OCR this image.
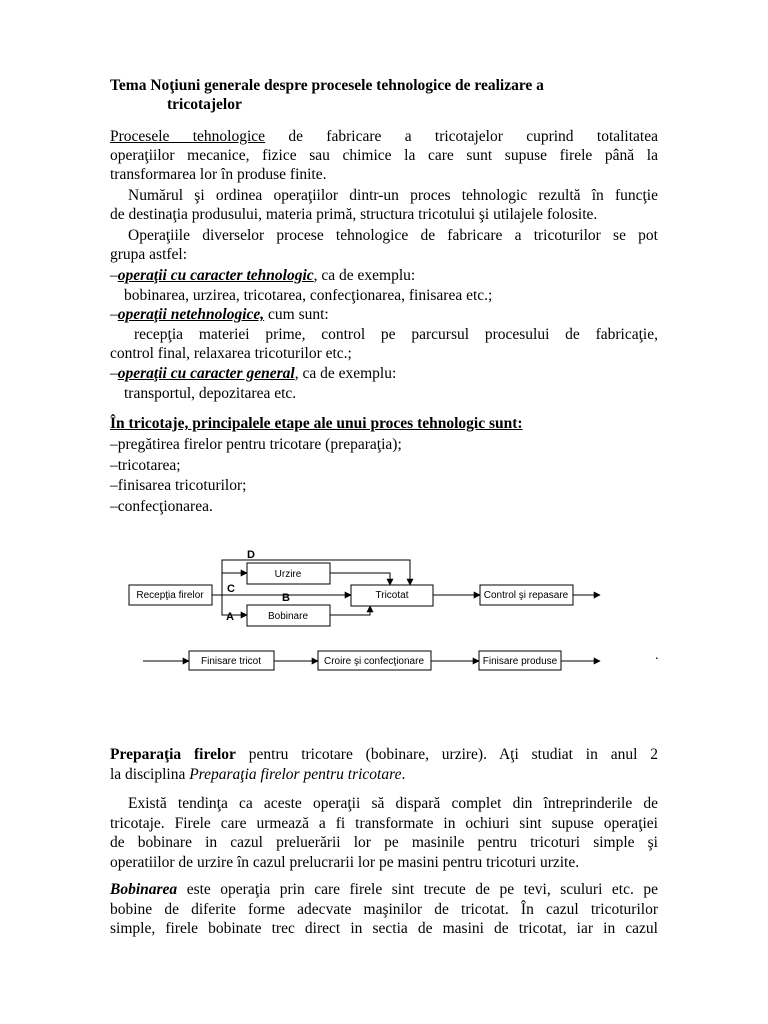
Tema Noţiuni generale despre procesele tehnologice de realizare a
tricotajelor
Procesele tehnologice de fabricare a tricotajelor cuprind totalitatea
operaţiilor mecanice, fizice sau chimice la care sunt supuse firele până la
transformarea lor în produse finite.
Numărul şi ordinea operaţiilor dintr-un proces tehnologic rezultă în funcţie
de destinaţia produsului, materia primă, structura tricotului şi utilajele folosite.
Operaţiile diverselor procese tehnologice de fabricare a tricoturilor se pot
grupa astfel:
–operaţii cu caracter tehnologic, ca de exemplu:
bobinarea, urzirea, tricotarea, confecţionarea, finisarea etc.;
–operaţii netehnologice, cum sunt:
recepţia materiei prime, control pe parcursul procesului de fabricaţie,
control final, relaxarea tricoturilor etc.;
–operaţii cu caracter general, ca de exemplu:
transportul, depozitarea etc.
În tricotaje, principalele etape ale unui proces tehnologic sunt:
–pregătirea firelor pentru tricotare (preparaţia);
–tricotarea;
–finisarea tricoturilor;
–confecţionarea.
Recepţia firelor
Urzire
Bobinare
Tricotat	Control şi repasare
Finisare tricot	Croire şi confecţionare	Finisare produse
D
C
B
A
.
Preparaţia firelor pentru tricotare (bobinare, urzire). Aţi studiat in anul 2
la disciplina Preparaţia firelor pentru tricotare.
Există tendinţa ca aceste operaţii să dispară complet din întreprinderile de
tricotaje. Firele care urmează a fi transformate in ochiuri sint supuse operaţiei
de bobinare in cazul preluerării lor pe masinile pentru tricoturi simple şi
operatiilor de urzire în cazul prelucrarii lor pe masini pentru tricoturi urzite.
Bobinarea este operaţia prin care firele sint trecute de pe tevi, sculuri etc. pe
bobine de diferite forme adecvate maşinilor de tricotat. În cazul tricoturilor
simple, firele bobinate trec direct in sectia de masini de tricotat, iar in cazul
